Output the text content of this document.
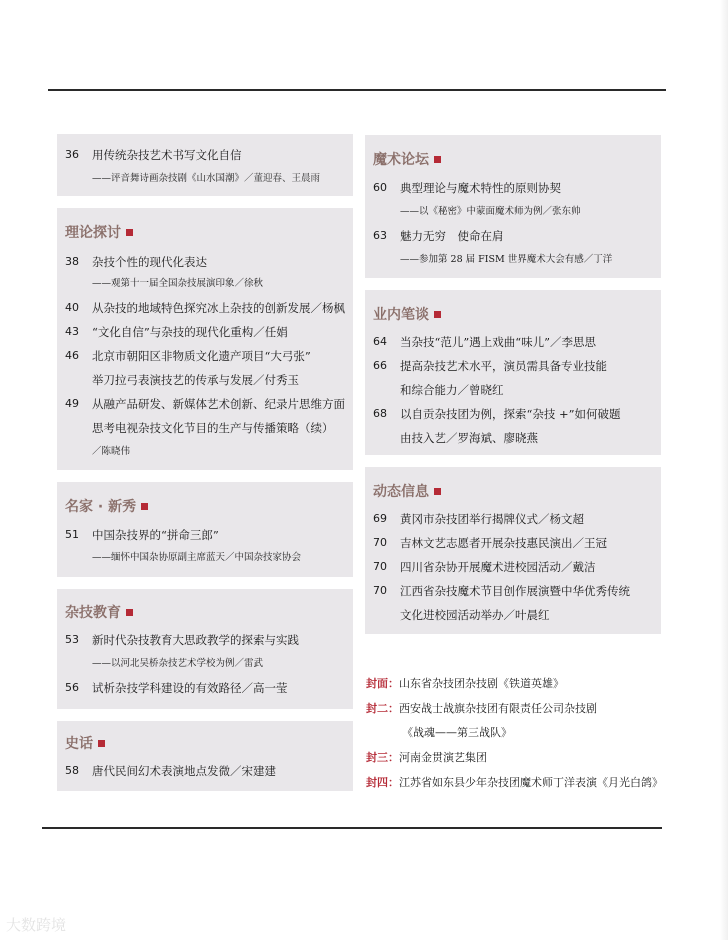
36 用传统杂技艺术书写文化自信
——评音舞诗画杂技剧《山水国潮》／董迎春、王晨雨
理论探讨
38 杂技个性的现代化表达
——观第十一届全国杂技展演印象／徐秋
40 从杂技的地域特色探究冰上杂技的创新发展／杨枫
43 “文化自信”与杂技的现代化重构／任娟
46 北京市朝阳区非物质文化遗产项目“大弓张”
举刀拉弓表演技艺的传承与发展／付秀玉
49 从融产品研发、新媒体艺术创新、纪录片思维方面
思考电视杂技文化节目的生产与传播策略（续）
／陈晓伟
名家 · 新秀
51 中国杂技界的“拼命三郎”
——缅怀中国杂协原副主席蓝天／中国杂技家协会
杂技教育
53 新时代杂技教育大思政教学的探索与实践
——以河北吴桥杂技艺术学校为例／雷武
56 试析杂技学科建设的有效路径／高一莹
史话
58 唐代民间幻术表演地点发微／宋建建
魔术论坛
60 典型理论与魔术特性的原则协契
——以《秘密》中蒙面魔术师为例／张东帅
63 魅力无穷　使命在肩
——参加第 28 届 FISM 世界魔术大会有感／丁洋
业内笔谈
64 当杂技“范儿”遇上戏曲“味儿”／李思思
66 提高杂技艺术水平，演员需具备专业技能
和综合能力／曾晓红
68 以自贡杂技团为例，探索“杂技 +”如何破题
由技入艺／罗海斌、廖晓燕
动态信息
69 黄冈市杂技团举行揭牌仪式／杨文超
70 吉林文艺志愿者开展杂技惠民演出／王冠
70 四川省杂协开展魔术进校园活动／戴洁
70 江西省杂技魔术节目创作展演暨中华优秀传统
文化进校园活动举办／叶晨红
封面：山东省杂技团杂技剧《铁道英雄》
封二：西安战士战旗杂技团有限责任公司杂技剧
《战魂——第三战队》
封三：河南金贯演艺集团
封四：江苏省如东县少年杂技团魔术师丁洋表演《月光白鸽》
大数跨境
